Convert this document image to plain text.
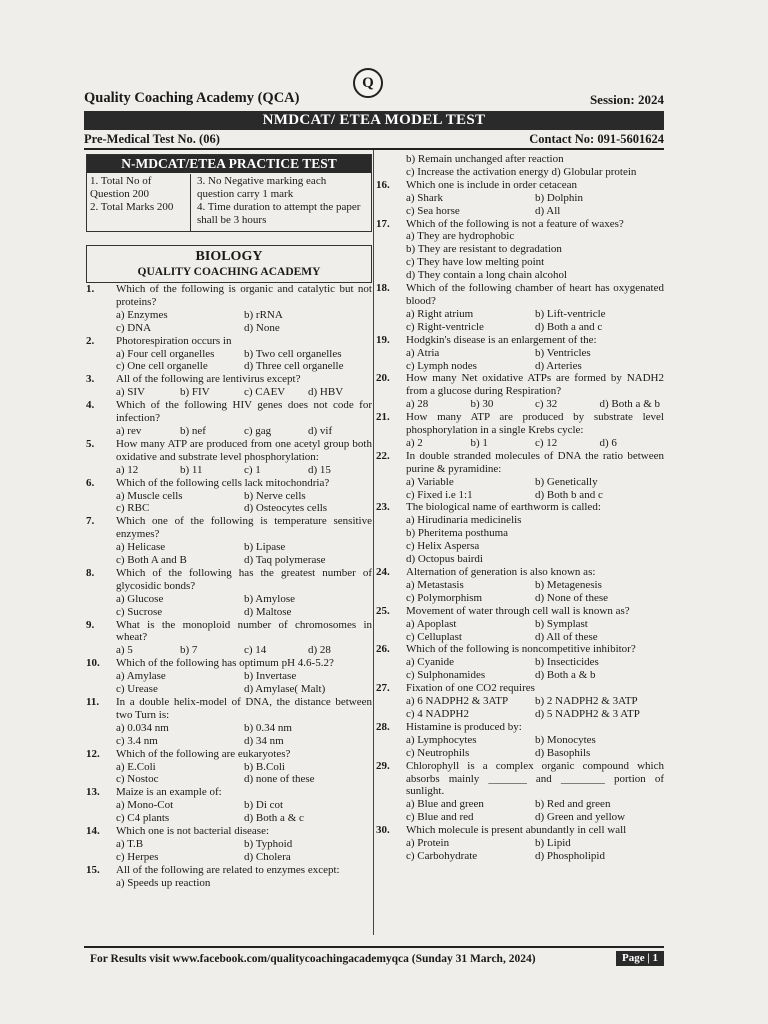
Quality Coaching Academy (QCA)
Q
Session: 2024
NMDCAT/ ETEA MODEL TEST
Pre-Medical Test No. (06)	Contact No: 091-5601624
N-MDCAT/ETEA PRACTICE TEST
1. Total No of Question 200
2. Total Marks 200
3. No Negative marking each question carry 1 mark
4. Time duration to attempt the paper shall be 3 hours
BIOLOGY
QUALITY COACHING ACADEMY
1.	Which of the following is organic and catalytic but not proteins?
a) Enzymes	b) rRNA
c) DNA	d) None
2.	Photorespiration occurs in
a) Four cell organelles	b) Two cell organelles
c) One cell organelle	d) Three cell organelle
3.	All of the following are lentivirus except?
a) SIV	b) FIV	c) CAEV	d) HBV
4.	Which of the following HIV genes does not code for infection?
a) rev	b) nef	c) gag	d) vif
5.	How many ATP are produced from one acetyl group both oxidative and substrate level phosphorylation:
a) 12	b) 11	c) 1	d) 15
6.	Which of the following cells lack mitochondria?
a) Muscle cells	b) Nerve cells
c) RBC	d) Osteocytes cells
7.	Which one of the following is temperature sensitive enzymes?
a) Helicase	b) Lipase
c) Both A and B	d) Taq polymerase
8.	Which of the following has the greatest number of glycosidic bonds?
a) Glucose	b) Amylose
c) Sucrose	d) Maltose
9.	What is the monoploid number of chromosomes in wheat?
a) 5	b) 7	c) 14	d) 28
10.	Which of the following has optimum pH 4.6-5.2?
a) Amylase	b) Invertase
c) Urease	d) Amylase( Malt)
11.	In a double helix-model of DNA, the distance between two Turn is:
a) 0.034 nm	b) 0.34 nm
c) 3.4 nm	d) 34 nm
12.	Which of the following are eukaryotes?
a) E.Coli	b) B.Coli
c) Nostoc	d) none of these
13.	Maize is an example of:
a) Mono-Cot	b) Di cot
c) C4 plants	d) Both a & c
14.	Which one is not bacterial disease:
a) T.B	b) Typhoid
c) Herpes	d) Cholera
15.	All of the following are related to enzymes except:
a) Speeds up reaction
b) Remain unchanged after reaction
c) Increase the activation energy d) Globular protein
16.	Which one is include in order cetacean
a) Shark	b) Dolphin
c) Sea horse	d) All
17.	Which of the following is not a feature of waxes?
a) They are hydrophobic
b) They are resistant to degradation
c) They have low melting point
d) They contain a long chain alcohol
18.	Which of the following chamber of heart has oxygenated blood?
a) Right atrium	b) Lift-ventricle
c) Right-ventricle	d) Both a and c
19.	Hodgkin's disease is an enlargement of the:
a) Atria	b) Ventricles
c) Lymph nodes	d) Arteries
20.	How many Net oxidative ATPs are formed by NADH2 from a glucose during Respiration?
a) 28	b) 30	c) 32	d) Both a & b
21.	How many ATP are produced by substrate level phosphorylation in a single Krebs cycle:
a) 2	b) 1	c) 12	d) 6
22.	In double stranded molecules of DNA the ratio between purine & pyramidine:
a) Variable	b) Genetically
c) Fixed i.e 1:1	d) Both b and c
23.	The biological name of earthworm is called:
a) Hirudinaria medicinelis
b) Pheritema posthuma
c) Helix Aspersa
d) Octopus bairdi
24.	Alternation of generation is also known as:
a) Metastasis	b) Metagenesis
c) Polymorphism	d) None of these
25.	Movement of water through cell wall is known as?
a) Apoplast	b) Symplast
c) Celluplast	d) All of these
26.	Which of the following is noncompetitive inhibitor?
a) Cyanide	b) Insecticides
c) Sulphonamides	d) Both a & b
27.	Fixation of one CO2 requires
a) 6 NADPH2 & 3ATP	b) 2 NADPH2 & 3ATP
c) 4 NADPH2	d) 5 NADPH2 & 3 ATP
28.	Histamine is produced by:
a) Lymphocytes	b) Monocytes
c) Neutrophils	d) Basophils
29.	Chlorophyll is a complex organic compound which absorbs mainly _______ and ________ portion of sunlight.
a) Blue and green	b) Red and green
c) Blue and red	d) Green and yellow
30.	Which molecule is present abundantly in cell wall
a) Protein	b) Lipid
c) Carbohydrate	d) Phospholipid
For Results visit www.facebook.com/qualitycoachingacademyqca (Sunday 31 March, 2024)	Page | 1
